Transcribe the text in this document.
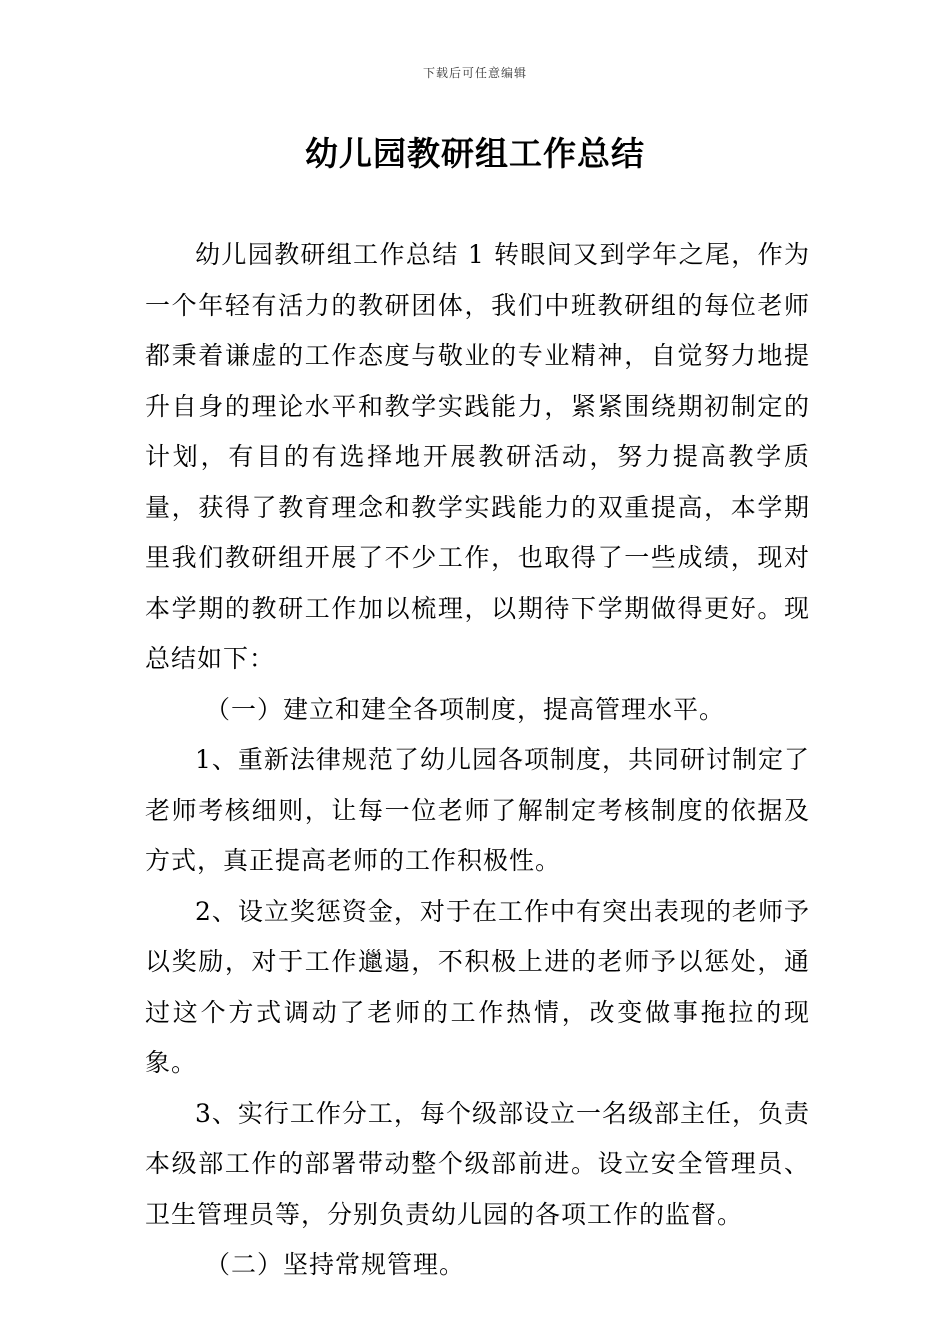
下载后可任意编辑
幼儿园教研组工作总结

幼儿园教研组工作总结 1 转眼间又到学年之尾，作为一个年轻有活力的教研团体，我们中班教研组的每位老师都秉着谦虚的工作态度与敬业的专业精神，自觉努力地提升自身的理论水平和教学实践能力，紧紧围绕期初制定的计划，有目的有选择地开展教研活动，努力提高教学质量，获得了教育理念和教学实践能力的双重提高，本学期里我们教研组开展了不少工作，也取得了一些成绩，现对本学期的教研工作加以梳理，以期待下学期做得更好。现总结如下：

（一）建立和建全各项制度，提高管理水平。

1、重新法律规范了幼儿园各项制度，共同研讨制定了老师考核细则，让每一位老师了解制定考核制度的依据及方式，真正提高老师的工作积极性。

2、设立奖惩资金，对于在工作中有突出表现的老师予以奖励，对于工作邋遢，不积极上进的老师予以惩处，通过这个方式调动了老师的工作热情，改变做事拖拉的现象。

3、实行工作分工，每个级部设立一名级部主任，负责本级部工作的部署带动整个级部前进。设立安全管理员、卫生管理员等，分别负责幼儿园的各项工作的监督。

（二）坚持常规管理。
